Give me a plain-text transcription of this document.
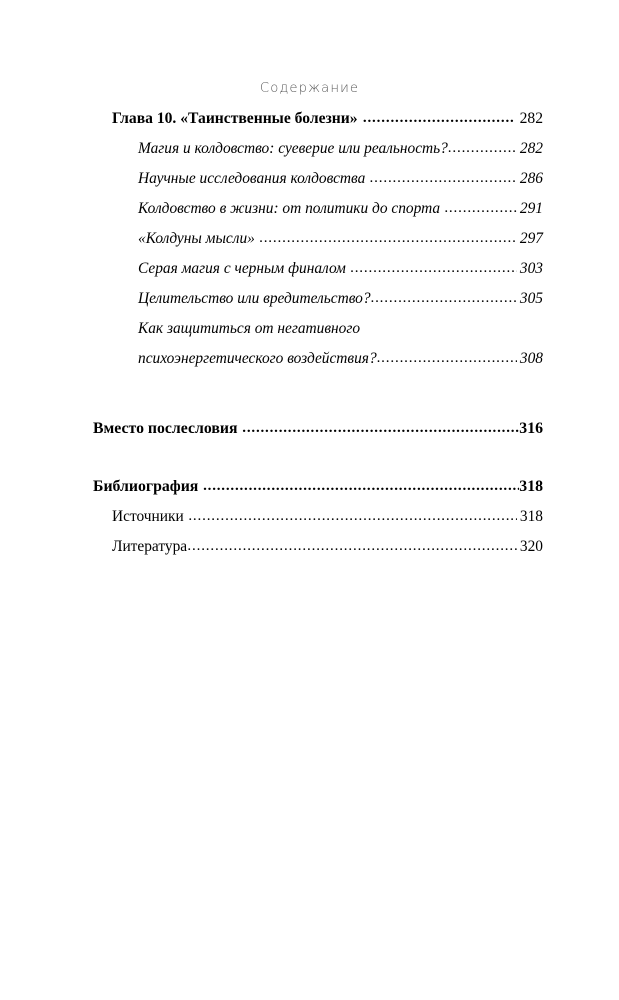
Содержание
Глава 10. «Таинственные болезни» .....	282
Магия и колдовство: суеверие или реальность? .....	282
Научные исследования колдовства .....	286
Колдовство в жизни: от политики до спорта .....	291
«Колдуны мысли» .....	297
Серая магия с черным финалом .....	303
Целительство или вредительство? .....	305
Как защититься от негативного
психоэнергетического воздействия? .....	308
Вместо послесловия .....	316
Библиография .....	318
Источники .....	318
Литература .....	320
